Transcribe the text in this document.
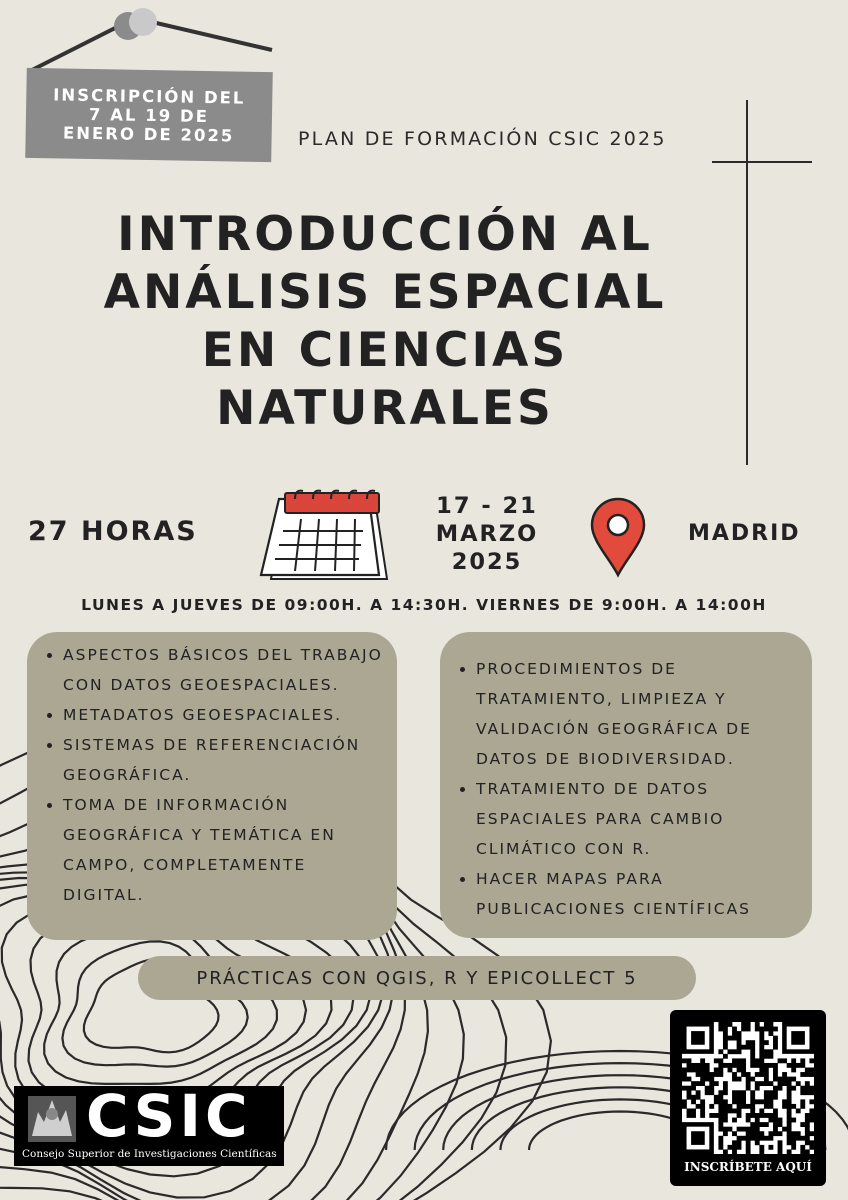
INSCRIPCIÓN DEL
7 AL 19 DE
ENERO DE 2025	PLAN DE FORMACIÓN CSIC 2025
INTRODUCCIÓN AL
ANÁLISIS ESPACIAL
EN CIENCIAS
NATURALES
27 HORAS
17 - 21
MARZO
2025
MADRID
LUNES A JUEVES DE 09:00H. A 14:30H. VIERNES DE 9:00H. A 14:00H
• ASPECTOS BÁSICOS DEL TRABAJO CON DATOS GEOESPACIALES.
• METADATOS GEOESPACIALES.
• SISTEMAS DE REFERENCIACIÓN GEOGRÁFICA.
• TOMA DE INFORMACIÓN GEOGRÁFICA Y TEMÁTICA EN CAMPO, COMPLETAMENTE DIGITAL.
• PROCEDIMIENTOS DE TRATAMIENTO, LIMPIEZA Y VALIDACIÓN GEOGRÁFICA DE DATOS DE BIODIVERSIDAD.
• TRATAMIENTO DE DATOS ESPACIALES PARA CAMBIO CLIMÁTICO CON R.
• HACER MAPAS PARA PUBLICACIONES CIENTÍFICAS
PRÁCTICAS CON QGIS, R Y EPICOLLECT 5
CSIC
Consejo Superior de Investigaciones Científicas
INSCRÍBETE AQUÍ
